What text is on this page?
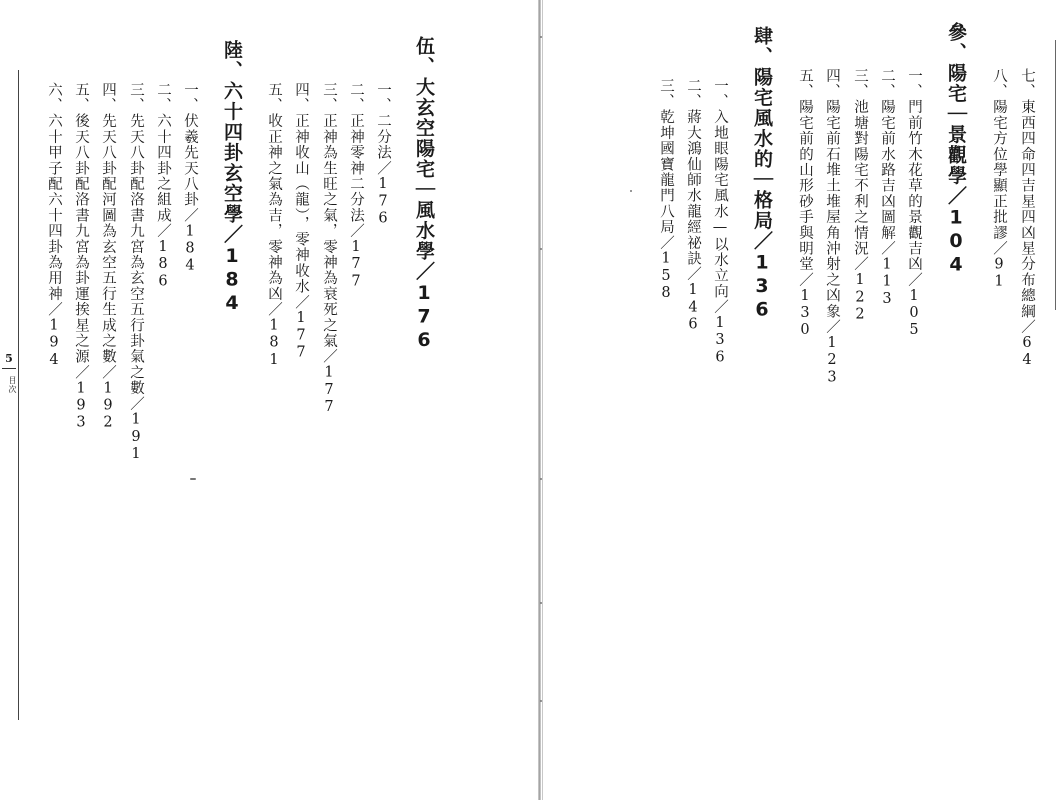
5
目次
七、東西四命四吉星四凶星分布總綱／64
八、陽宅方位學顯正批謬／91
參、陽宅｜景觀學／104
一、門前竹木花草的景觀吉凶／105
二、陽宅前水路吉凶圖解／113
三、池塘對陽宅不利之情況／122
四、陽宅前石堆土堆屋角沖射之凶象／123
五、陽宅前的山形砂手與明堂／130
肆、陽宅風水的｜格局／136
一、入地眼陽宅風水—以水立向／136
二、蔣大鴻仙師水龍經祕訣／146
三、乾坤國寶龍門八局／158
伍、大玄空陽宅｜風水學／176
一、二分法／176
二、正神零神二分法／177
三、正神為生旺之氣，零神為衰死之氣／177
四、正神收山（龍），零神收水／177
五、收正神之氣為吉，零神為凶／181
陸、六十四卦玄空學／184
一、伏羲先天八卦／184
二、六十四卦之組成／186
三、先天八卦配洛書九宮為玄空五行卦氣之數／191
四、先天八卦配河圖為玄空五行生成之數／192
五、後天八卦配洛書九宮為卦運挨星之源／193
六、六十甲子配六十四卦為用神／194
